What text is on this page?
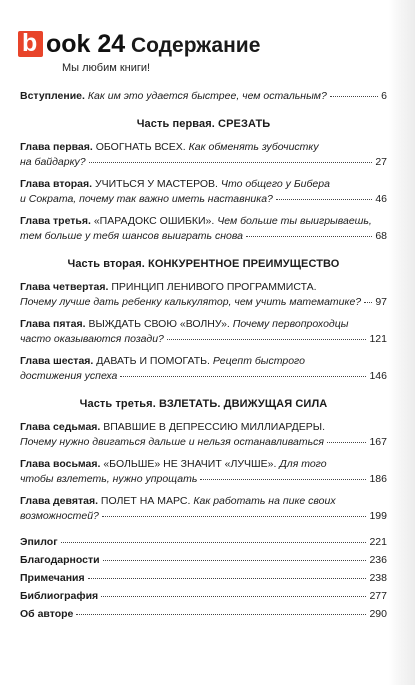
b ook 24
Мы любим книги!
Содержание
Вступление. Как им это удается быстрее, чем остальным?	6
Часть первая. СРЕЗАТЬ
Глава первая. ОБОГНАТЬ ВСЕХ. Как обменять зубочистку
на байдарку?	27
Глава вторая. УЧИТЬСЯ У МАСТЕРОВ. Что общего у Бибера
и Сократа, почему так важно иметь наставника?	46
Глава третья. «ПАРАДОКС ОШИБКИ». Чем больше ты выигрываешь,
тем больше у тебя шансов выиграть снова	68
Часть вторая. КОНКУРЕНТНОЕ ПРЕИМУЩЕСТВО
Глава четвертая. ПРИНЦИП ЛЕНИВОГО ПРОГРАММИСТА.
Почему лучше дать ребенку калькулятор, чем учить математике? 97
Глава пятая. ВЫЖДАТЬ СВОЮ «ВОЛНУ». Почему первопроходцы
часто оказываются позади?	121
Глава шестая. ДАВАТЬ И ПОМОГАТЬ. Рецепт быстрого
достижения успеха	146
Часть третья. ВЗЛЕТАТЬ. ДВИЖУЩАЯ СИЛА
Глава седьмая. ВПАВШИЕ В ДЕПРЕССИЮ МИЛЛИАРДЕРЫ.
Почему нужно двигаться дальше и нельзя останавливаться	167
Глава восьмая. «БОЛЬШЕ» НЕ ЗНАЧИТ «ЛУЧШЕ». Для того
чтобы взлететь, нужно упрощать	186
Глава девятая. ПОЛЕТ НА МАРС. Как работать на пике своих
возможностей?	199
Эпилог	221
Благодарности	236
Примечания	238
Библиография	277
Об авторе	290
